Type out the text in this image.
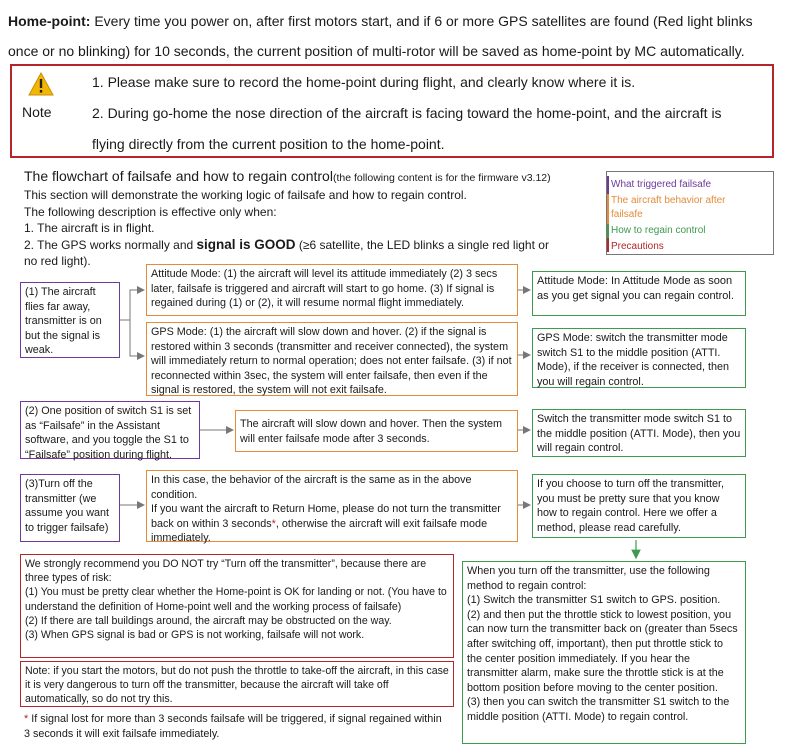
Home-point: Every time you power on, after first motors start, and if 6 or more GPS satellites are found (Red light blinks
once or no blinking) for 10 seconds, the current position of multi-rotor will be saved as home-point by MC automatically.
Note
1. Please make sure to record the home-point during flight, and clearly know where it is.
2. During go-home the nose direction of the aircraft is facing toward the home-point, and the aircraft is
flying directly from the current position to the home-point.
The flowchart of failsafe and how to regain control(the following content is for the firmware v3.12)
This section will demonstrate the working logic of failsafe and how to regain control.
The following description is effective only when:
1. The aircraft is in flight.
2. The GPS works normally and signal is GOOD (≥6 satellite, the LED blinks a single red light or
no red light).
What triggered failsafe
The aircraft behavior after
failsafe
How to regain control
Precautions
(1) The aircraft flies far away, transmitter is on but the signal is weak.
Attitude Mode: (1) the aircraft will level its attitude immediately (2) 3 secs later, failsafe is triggered and aircraft will start to go home. (3) If signal is regained during (1) or (2), it will resume normal flight immediately.
Attitude Mode: In Attitude Mode as soon as you get signal you can regain control.
GPS Mode: (1) the aircraft will slow down and hover. (2) if the signal is restored within 3 seconds (transmitter and receiver connected), the system will immediately return to normal operation; does not enter failsafe. (3) if not reconnected within 3sec, the system will enter failsafe, then even if the signal is restored, the system will not exit failsafe.
GPS Mode: switch the transmitter mode switch S1 to the middle position (ATTI. Mode), if the receiver is connected, then you will regain control.
(2) One position of switch S1 is set as “Failsafe” in the Assistant software, and you toggle the S1 to “Failsafe” position during flight.
The aircraft will slow down and hover. Then the system will enter failsafe mode after 3 seconds.
Switch the transmitter mode switch S1 to the middle position (ATTI. Mode), then you will regain control.
(3)Turn off the transmitter (we assume you want to trigger failsafe)
In this case, the behavior of the aircraft is the same as in the above condition.
If you want the aircraft to Return Home, please do not turn the transmitter back on within 3 seconds*, otherwise the aircraft will exit failsafe mode immediately.
If you choose to turn off the transmitter, you must be pretty sure that you know how to regain control. Here we offer a method, please read carefully.
When you turn off the transmitter, use the following method to regain control:
(1) Switch the transmitter S1 switch to GPS. position.
(2) and then put the throttle stick to lowest position, you can now turn the transmitter back on (greater than 5secs after switching off, important), then put throttle stick to the center position immediately. If you hear the transmitter alarm, make sure the throttle stick is at the bottom position before moving to the center position.
(3) then you can switch the transmitter S1 switch to the middle position (ATTI. Mode) to regain control.
We strongly recommend you DO NOT try “Turn off the transmitter”, because there are three types of risk:
(1) You must be pretty clear whether the Home-point is OK for landing or not. (You have to understand the definition of Home-point well and the working process of failsafe)
(2) If there are tall buildings around, the aircraft may be obstructed on the way.
(3) When GPS signal is bad or GPS is not working, failsafe will not work.
Note: if you start the motors, but do not push the throttle to take-off the aircraft, in this case it is very dangerous to turn off the transmitter, because the aircraft will take off automatically, so do not try this.
* If signal lost for more than 3 seconds failsafe will be triggered, if signal regained within 3 seconds it will exit failsafe immediately.
